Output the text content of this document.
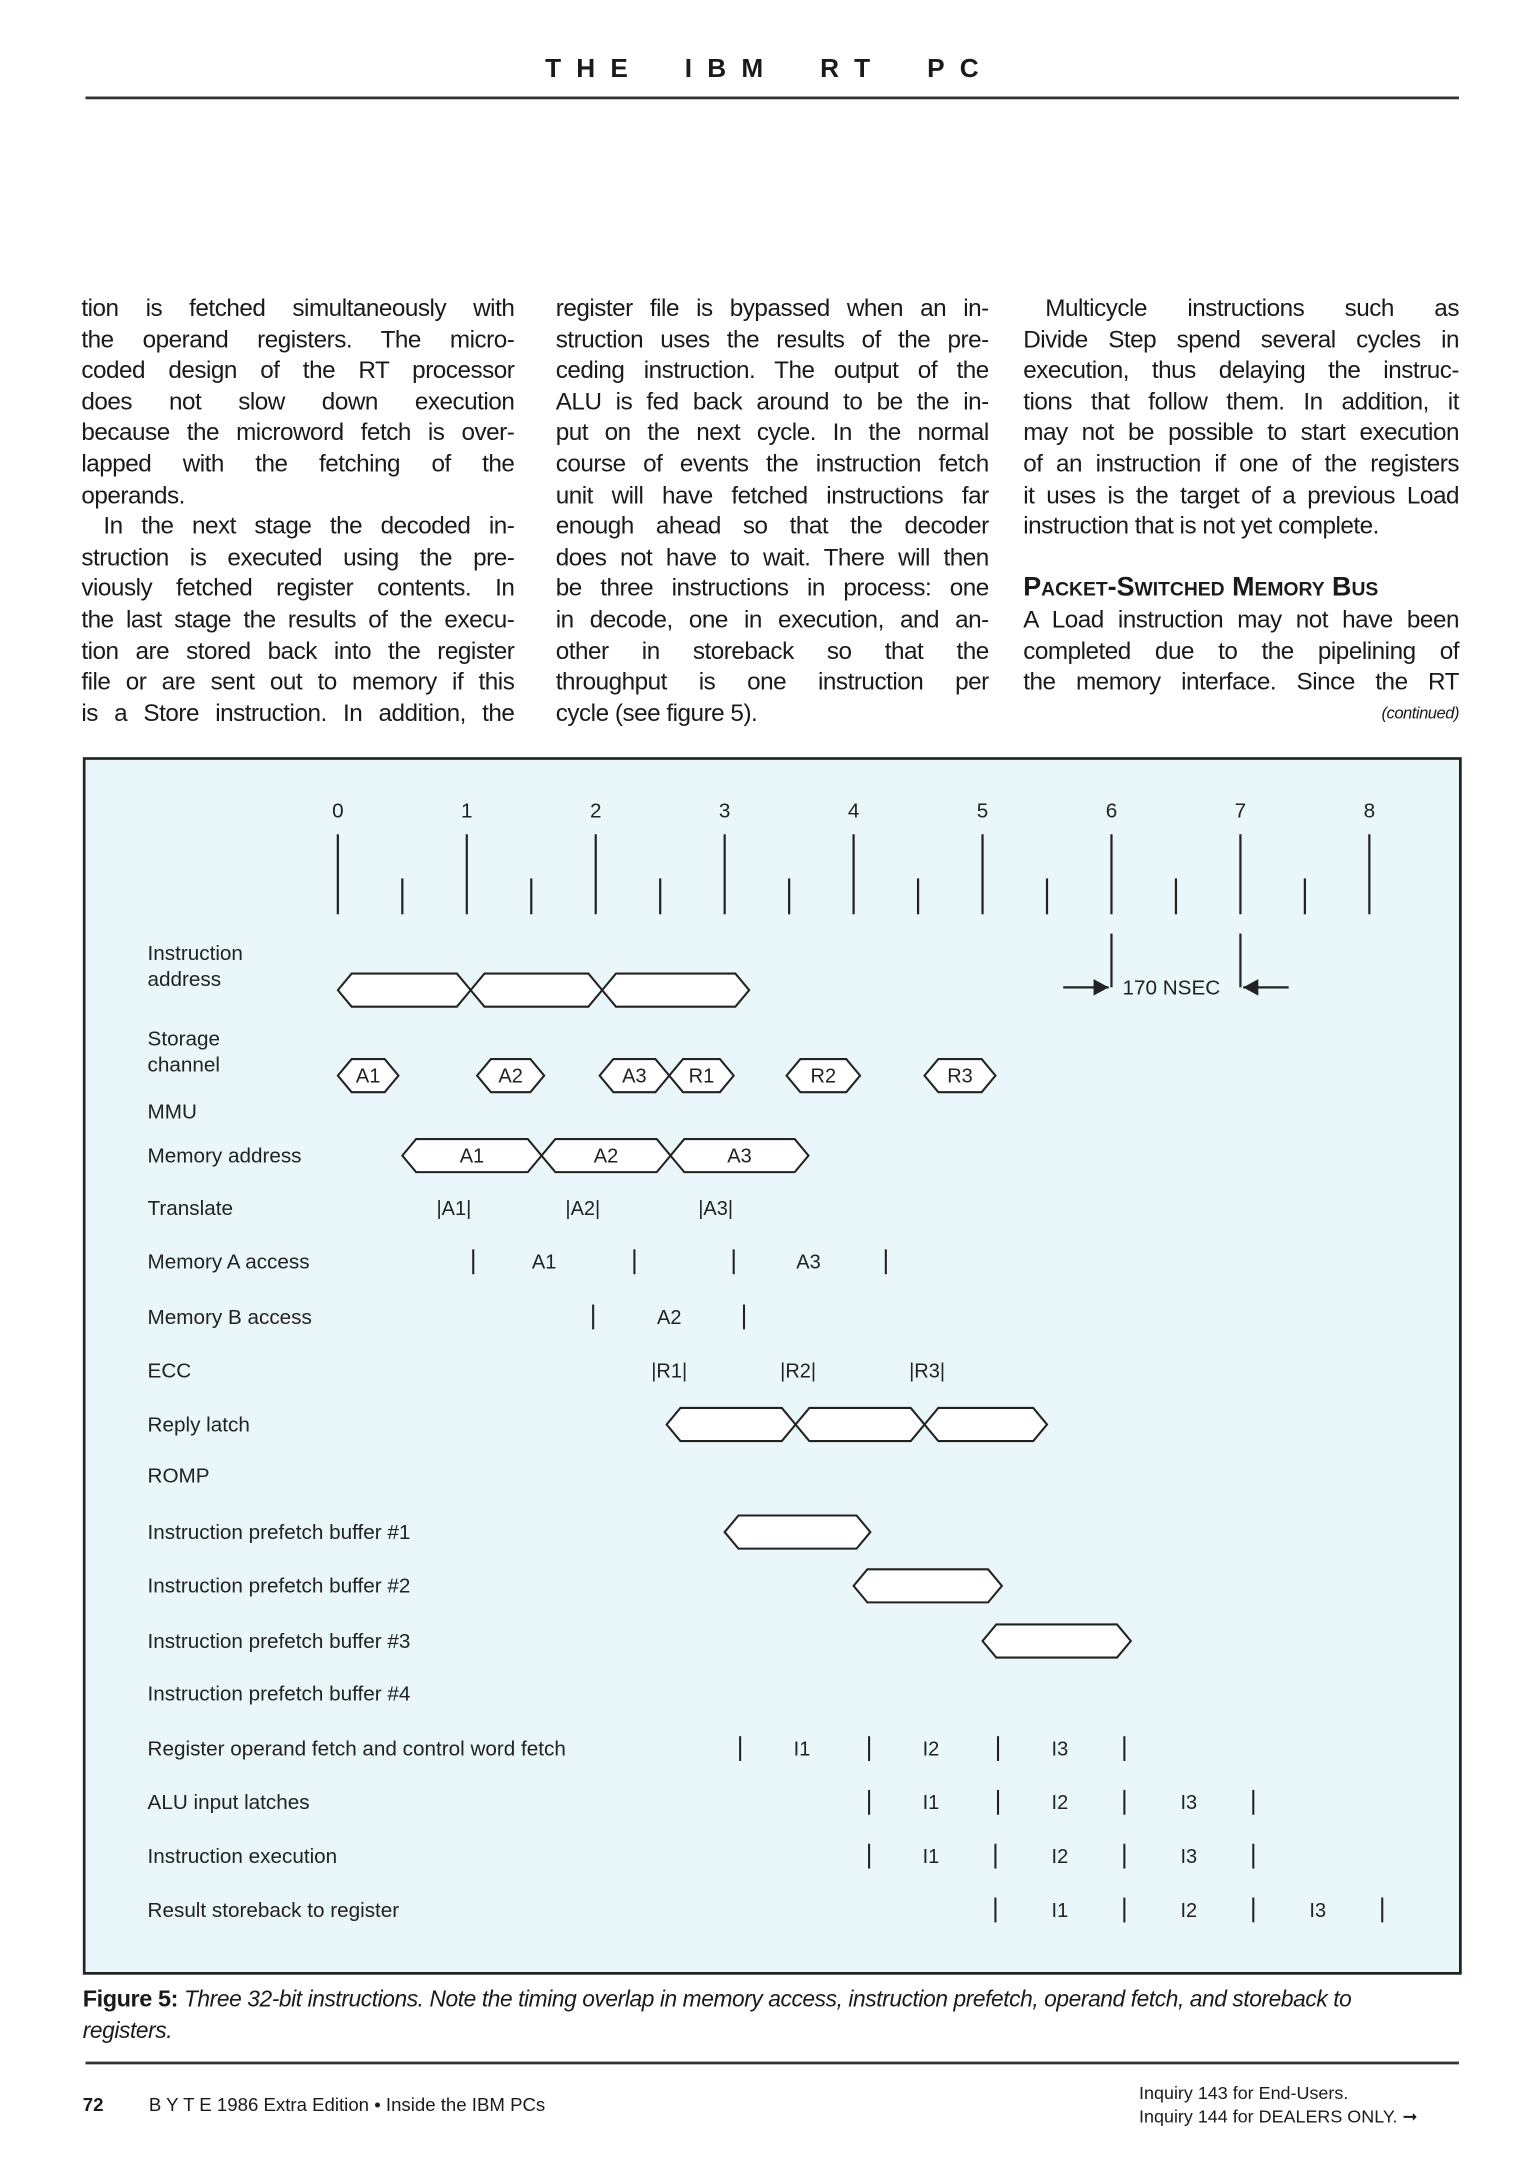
THE IBM RT PC
tion is fetched simultaneously with
the operand registers. The micro-
coded design of the RT processor
does not slow down execution
because the microword fetch is over-
lapped with the fetching of the
operands.
In the next stage the decoded in-
struction is executed using the pre-
viously fetched register contents. In
the last stage the results of the execu-
tion are stored back into the register
file or are sent out to memory if this
is a Store instruction. In addition, the
register file is bypassed when an in-
struction uses the results of the pre-
ceding instruction. The output of the
ALU is fed back around to be the in-
put on the next cycle. In the normal
course of events the instruction fetch
unit will have fetched instructions far
enough ahead so that the decoder
does not have to wait. There will then
be three instructions in process: one
in decode, one in execution, and an-
other in storeback so that the
throughput is one instruction per
cycle (see figure 5).
Multicycle instructions such as
Divide Step spend several cycles in
execution, thus delaying the instruc-
tions that follow them. In addition, it
may not be possible to start execution
of an instruction if one of the registers
it uses is the target of a previous Load
instruction that is not yet complete.
Packet-Switched Memory Bus
A Load instruction may not have been
completed due to the pipelining of
the memory interface. Since the RT
(continued)
0	1	2	3	4	5	6	7	8
170 NSEC
Instruction
address
Storage
channel
A1	A2	A3	R1	R2	R3
MMU
Memory address	A1	A2	A3
Translate	|A1|	|A2|	|A3|
Memory A access	A1	A3
Memory B access	A2
ECC	|R1|	|R2|	|R3|
Reply latch
ROMP
Instruction prefetch buffer #1
Instruction prefetch buffer #2
Instruction prefetch buffer #3
Instruction prefetch buffer #4
Register operand fetch and control word fetch	I1	I2	I3
ALU input latches	I1	I2	I3
Instruction execution	I1	I2	I3
Result storeback to register	I1	I2	I3
Figure 5: Three 32-bit instructions. Note the timing overlap in memory access, instruction prefetch, operand fetch, and storeback to registers.
72	B Y T E 1986 Extra Edition • Inside the IBM PCs
Inquiry 143 for End-Users.
Inquiry 144 for DEALERS ONLY. ➞
